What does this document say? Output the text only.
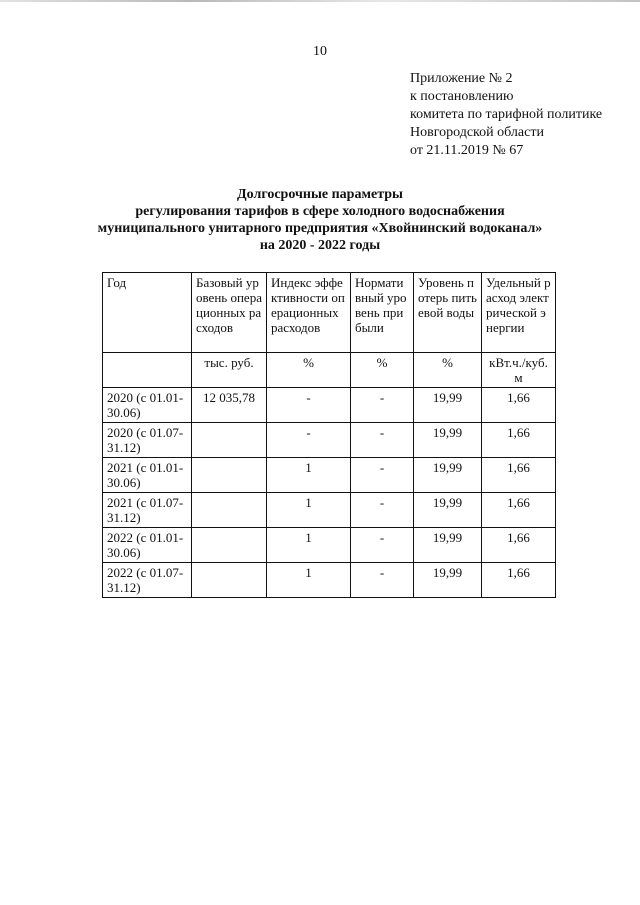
10
Приложение № 2
к постановлению
комитета по тарифной политике
Новгородской области
от 21.11.2019 № 67
Долгосрочные параметры
регулирования тарифов в сфере холодного водоснабжения
муниципального унитарного предприятия «Хвойнинский водоканал»
на 2020 - 2022 годы
Год	Базовый уровень операционных расходов	Индекс эффективности операционных расходов	Нормативный уровень прибыли	Уровень потерь питьевой воды	Удельный расход электрической энергии
	тыс. руб.	%	%	%	кВт.ч./куб. м
2020 (с 01.01-30.06)	12 035,78	-	-	19,99	1,66
2020 (с 01.07-31.12)		-	-	19,99	1,66
2021 (с 01.01-30.06)		1	-	19,99	1,66
2021 (с 01.07-31.12)		1	-	19,99	1,66
2022 (с 01.01-30.06)		1	-	19,99	1,66
2022 (с 01.07-31.12)		1	-	19,99	1,66
